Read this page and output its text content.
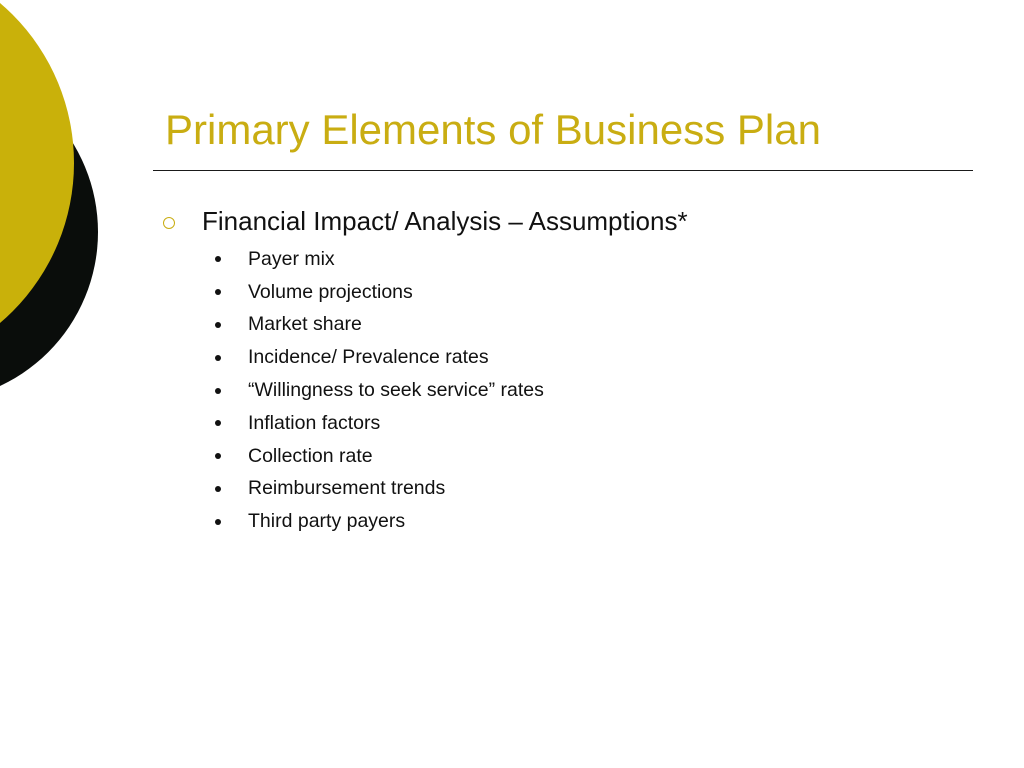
Primary Elements of Business Plan
Financial Impact/ Analysis – Assumptions*
Payer mix
Volume projections
Market share
Incidence/ Prevalence rates
“Willingness to seek service” rates
Inflation factors
Collection rate
Reimbursement trends
Third party payers
